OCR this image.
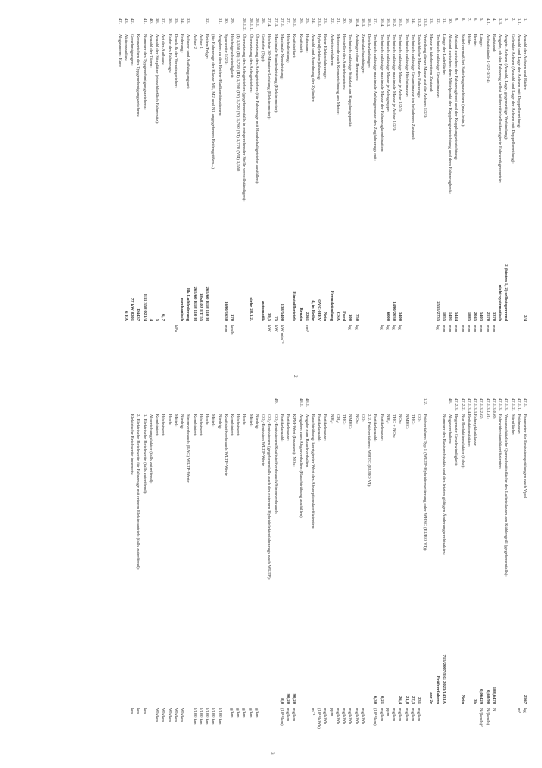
1.
Anzahl der Achsen und Räder:
2/4
1.1.
Anzahl und Lage der Achsen mit Doppelbereifung:
2.
Gelenkte Achsen (Anzahl und Lage der Achsen mit Doppelbereifung):
3.
Angetr. Achsen (Anzahl, Lage, gegenseitige Verbindung):
2 (hinten 1, 2) selbstsperrend
3.3.
Angabe, ob das Fahrzeug selbst luftbereifte/selbstkorrigierte Fahrwerkgeometrie:
nicht-systematisch
4.
Radstand:
3370
mm
4.1.
Achsabstände 1-2/2-3/3-4:
2570
mm
5.
Länge:
5403
mm
6.
Breite:
2045
mm
7.
Höhe:
1885
mm
8.
Sattelvormaß bei Sattelzugmaschinen (max./min.):
mm
9.
Abstand zwischen der Fahrzeugfront und der Kupplungseinrichtung:
5444
mm
10.
Abstand zwischen dem Mittelpunkt der Kupplungseinrichtung und dem Fahrzeugheck:
1491
mm
11.
Länge der Ladefläche:
1855
mm
12.
Technisch zulässige Gesamtmasse:
2555/2735
kg
13.
Masse in fahrbereitem Zustand:
13.1.
Verteilung dieser Masse auf die Achsen 1/2/3:
13.2.
Tatsächliche Masse des Fahrzeugs:
14.
Technisch zulässige Gesamtmasse im beladenen Zustand:
16.
Technisch zulässige Höchstmasse:
16.1.
Technisch zulässige Masse je Achse 1/2/3:
3400
kg
16.2.
Technisch zulässige maximale Masse je Achse 1/2/3:
1490/2030
kg
16.3.
Technisch zulässige Masse je Achsgruppe:
6000
kg
16.4.
Technisch zulässige maximale Masse der Fahrzeugkombination:
kg
17.
Technisch zulässige maximale Anhängemasse des Zugfahrzeugs mit:
18.1.
Deichselanhänger:
18.3.
Zentralachsanhänger:
18.4.
Anhänger ohne Bremsen:
750
kg
19.
Technisch zulässige Stützlast am Kupplungspunkt:
100
kg
20.
Hersteller des Antriebsmotors:
Ford
21.
Motorcode nach Kennzeichnung am Motor:
CSA
22.
Arbeitsverfahren:
Fremdzündung
23.
Reine Elektrofahrzeuge:
Nein
23.1.
Hybrid[elektro]fahrzeug:
OVC-HEV
24.
Anzahl und Anordnung der Zylinder:
4, in Reihe
25.
Hubraum:
2261
cm³
26.
Kraftstoff:
Benzin
26.1.
Kraftstoffart:
Einstoffbetrieb
27.
Höchstleistung:
27.1.
Maximale Nennleistung:
138/5400
kW min⁻¹
27.3.
Maximale Stundenleistung (Elektromotor):
75
kW
27.4.
Höchste 30-Minuten-Leistung (Elektromotor):
39,5
kW
28.
Getriebe (Typ):
automatik
28.1.
Übersetzung des Achsgetriebes (für Fahrzeuge mit Handschaltgetriebe ausfüllen):
28.1.1.
Übersetzung des Achsgetriebes:
siehe 28.1.2.
28.1.2.
Übersetzung des Achsgetriebes (gegebenenfalls in entsprechender Stelle vervollständigen):
(I) 3,558 (II) 3,720 (III) 3,760 (IV) 3,720 (V) 3,760 (VI) 3,770 (VII) 3,558
29.
Höchstgeschwindigkeit:
170
km/h
30.
Spurweite 1/2/3:
1690/1630
mm
31.
Angaben zu den Reifen-/Radkombinationen:
(für Fahrzeuge der Klasse M1, M2 und N1 angegebenen Reifengrößen...)
32.
Reifen/Felge:
265/60 R18 110 H
Achse 1
18x8.0J ET 55
Achse 2
265/60 R18 110 H
33.
Achsen- und Aufhängungsart:
Bk Luftfederung
34.
Federung:
mechanisch
35.
Druck & der Vorratsspeicher:
kPa
36.
Farbe des Fahrzeugs:
37.
Art des Aufbaus:
6, 7
38.
Anzahl der Sitzplätze (einschließlich Fahrersitz):
5
40.
Anzahl der Türen:
4
41.
Nummer des Typgenehmigungszeichens:
E11 358 021/4
Kennzeichen des Typgenehmigungszeichens:
D4437
42.
Genehmigungen:
77 kW 8201
43.
Aktionsradius:
6 EA
47.
Abgasnorm: Euro
47.1.
Parameter für Emissionsprüfungen nach Vpol
2567
kg
47.1.1.
Prüfmasse:
m²
47.1.2.
Stirnfläche:
47.1.3.
Vorausschätzliche Querschnittsfläche des Lufteinlasses am Kühlergrill (gegebenenfalls):
47.1.3.
Fahrwiderstandskoeffizienten
47.1.3.0.
f0:
188,6478
N
47.1.3.1.
f1:
0,68/90
N/(km/h)
47.1.3.2.
f2:
0,06429
N/(km/h)²
47.1.3.3.
Fahrzyklusklasse
3b
47.1.3.4.
Reduktionsfaktor:
47.2.2.
Nur Reduktionsfaktor (f dsc):
Nein
47.2.3.
Begrenzte Geschwindigkeit:
48.
Abgasverhalten:
Nummer des Basisrechtsakts und des letzten gültigen Änderungsrechtsaktes:
715/2007/EG 2023/1431A
Prüfverfahren
ase 2e
1.2.
Prüfverfahren Typ 1 (WLTP-Hybriderweiterung oder WHSC (EURO VI)):
CO:
231
mg/km
THC:
27,3
mg/km
NMHC:
21,8
mg/km
NOx:
26,4
mg/km
THC + NOx:
mg/km
NH₃:
ppm
Partikelmasse:
0,21
mg/km
Partikelanzahl:
6,30
(10¹¹/km)
2.2. Prüfverfahren: WHTC (EURO VI):
CO:
mg/kWh
NOx:
mg/kWh
NMHC:
mg/kWh
THC:
mg/kWh
CH₄:
mg/kWh
NH₃:
ppm
Partikelmasse:
mg/kWh
Partikelanzahl:
(10¹¹/kWh)
Rauchtrübung: korrigierter Wert des Absorptionskoeffizienten:
m⁻¹
48.1.
Angabe zum Rauchverhalten
48.1.
Angaben zum Abgasverhalten (Rauchtrübung ausfüllen)
KPM-Wert (Insassen): NOx:
90,20
mg/km
Partikelmasse:
90,20
mg/km
Partikelanzahl:
8,0
(10¹¹/km)
49.
CO₂-Emissionen/Kraftstoffverbrauch/Stromverbrauch
CO₂-Emissionen (gegebenenfalls auch des externen Hybridelektrofahrzeugs nach WLTP):
CO₂-Emission WLTP-Werte
Niedrig:
g/km
Mittel:
g/km
Hoch:
g/km
Höchstwert:
g/km
Kombiniert:
g/km
Kraftstoffverbrauch WLTP-Werte
Niedrig:
l/100 km
Mittel:
l/100 km
Hoch:
l/100 km
Höchstwert:
l/100 km
Kombiniert:
l/100 km
Stromverbrauch (EAC) WLTP-Werte
Niedrig:
Wh/km
Mittel:
Wh/km
Hoch:
Wh/km
Höchstwert:
Wh/km
Kombiniert:
Wh/km
Abweichungsfaktor (falls zutreffend):
1. Elektrische Reichweite (falls zutreffend):
km
2. Elektrische Reichweite für Fahrzeuge mit reinem Elektroantrieb (falls zutreffend):
km
Elektrische Reichweite innerorts:
km
2
3
